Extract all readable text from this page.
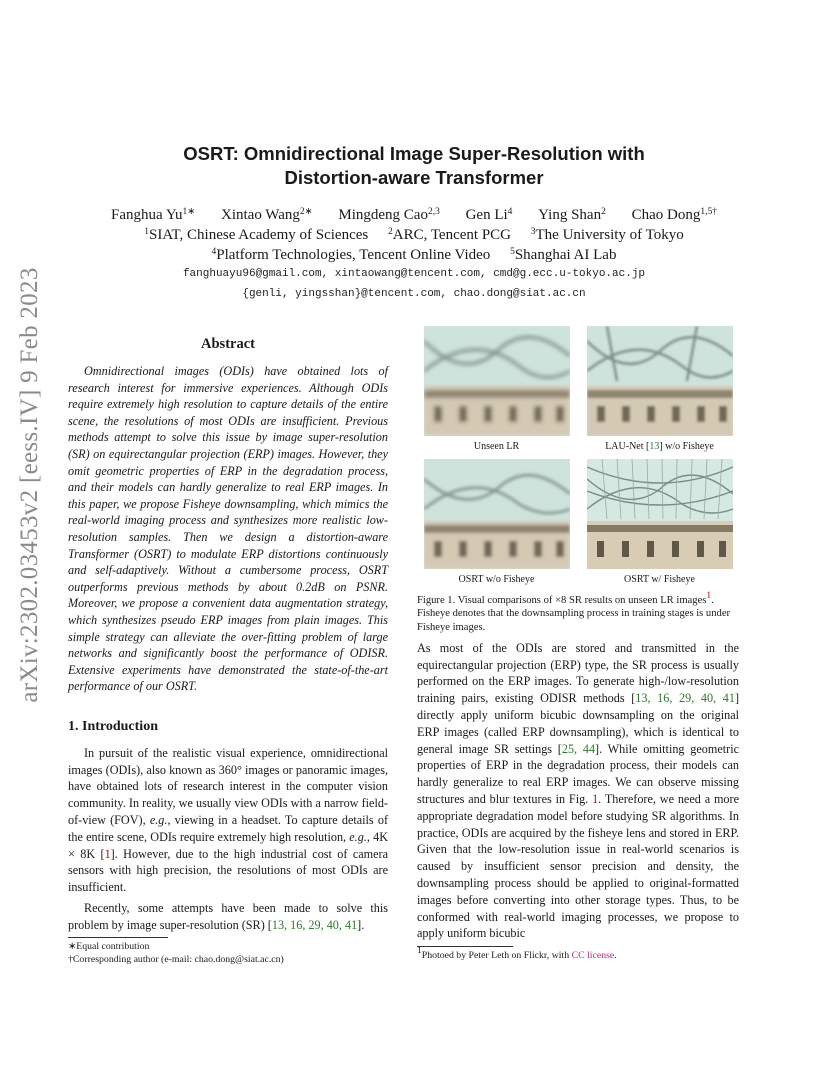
arXiv:2302.03453v2 [eess.IV] 9 Feb 2023
OSRT: Omnidirectional Image Super-Resolution with
Distortion-aware Transformer
Fanghua $Yu^{1∗}$ Xintao Wang$^{2∗}$ Mingdeng Cao$^{2,3}$ Gen Li$^4$ Ying Shan$^2$ Chao Dong$^{1,5\dagger}$
$^1$SIAT, Chinese Academy of Sciences $^2$ARC, Tencent PCG $^3$The University of Tokyo
$^4$Platform Technologies, Tencent Online Video $^5$Shanghai AI Lab
fanghuayu96@gmail.com, xintaowang@tencent.com, cmd@g.ecc.u-tokyo.ac.jp
{genli, yingsshan}@tencent.com, chao.dong@siat.ac.cn
Abstract

Omnidirectional images (ODIs) have obtained lots of research interest for immersive experiences. Although ODIs require extremely high resolution to capture details of the entire scene, the resolutions of most ODIs are insufficient. Previous methods attempt to solve this issue by image super-resolution (SR) on equirectangular projection (ERP) images. However, they omit geometric properties of ERP in the degradation process, and their models can hardly generalize to real ERP images. In this paper, we propose Fisheye downsampling, which mimics the real-world imaging process and synthesizes more realistic low-resolution samples. Then we design a distortion-aware Transformer (OSRT) to modulate ERP distortions continuously and self-adaptively. Without a cumbersome process, OSRT outperforms previous methods by about 0.2dB on PSNR. Moreover, we propose a convenient data augmentation strategy, which synthesizes pseudo ERP images from plain images. This simple strategy can alleviate the over-fitting problem of large networks and significantly boost the performance of ODISR. Extensive experiments have demonstrated the state-of-the-art performance of our OSRT.

1. Introduction

In pursuit of the realistic visual experience, omnidirectional images (ODIs), also known as 360° images or panoramic images, have obtained lots of research interest in the computer vision community. In reality, we usually view ODIs with a narrow field-of-view (FOV), e.g., viewing in a headset. To capture details of the entire scene, ODIs require extremely high resolution, e.g., 4K × 8K [1]. However, due to the high industrial cost of camera sensors with high precision, the resolutions of most ODIs are insufficient.

Recently, some attempts have been made to solve this problem by image super-resolution (SR) [13, 16, 29, 40, 41].

∗Equal contribution
†Corresponding author (e-mail: chao.dong@siat.ac.cn)
Unseen LR	LAU-Net [13] w/o Fisheye
OSRT w/o Fisheye	OSRT w/ Fisheye
Figure 1. Visual comparisons of ×8 SR results on unseen LR images$^1$. Fisheye denotes that the downsampling process in training stages is under Fisheye images.
As most of the ODIs are stored and transmitted in the equirectangular projection (ERP) type, the SR process is usually performed on the ERP images. To generate high-/low-resolution training pairs, existing ODISR methods [13, 16, 29, 40, 41] directly apply uniform bicubic downsampling on the original ERP images (called ERP downsampling), which is identical to general image SR settings [25, 44]. While omitting geometric properties of ERP in the degradation process, their models can hardly generalize to real ERP images. We can observe missing structures and blur textures in Fig. 1. Therefore, we need a more appropriate degradation model before studying SR algorithms. In practice, ODIs are acquired by the fisheye lens and stored in ERP. Given that the low-resolution issue in real-world scenarios is caused by insufficient sensor precision and density, the downsampling process should be applied to original-formatted images before converting into other storage types. Thus, to be conformed with real-world imaging processes, we propose to apply uniform bicubic
$^1$Photoed by Peter Leth on Flickr, with CC license.
